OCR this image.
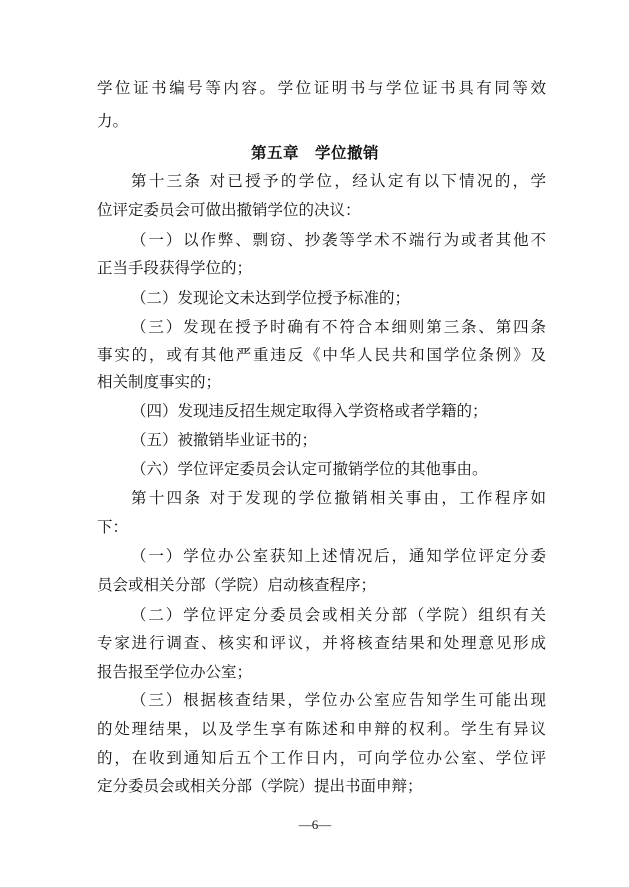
学位证书编号等内容。学位证明书与学位证书具有同等效
力。
第五章　学位撤销
第十三条 对已授予的学位，经认定有以下情况的，学
位评定委员会可做出撤销学位的决议：
（一）以作弊、剽窃、抄袭等学术不端行为或者其他不
正当手段获得学位的；
（二）发现论文未达到学位授予标准的；
（三）发现在授予时确有不符合本细则第三条、第四条
事实的，或有其他严重违反《中华人民共和国学位条例》及
相关制度事实的；
（四）发现违反招生规定取得入学资格或者学籍的；
（五）被撤销毕业证书的；
（六）学位评定委员会认定可撤销学位的其他事由。
第十四条 对于发现的学位撤销相关事由，工作程序如
下：
（一）学位办公室获知上述情况后，通知学位评定分委
员会或相关分部（学院）启动核查程序；
（二）学位评定分委员会或相关分部（学院）组织有关
专家进行调查、核实和评议，并将核查结果和处理意见形成
报告报至学位办公室；
（三）根据核查结果，学位办公室应告知学生可能出现
的处理结果，以及学生享有陈述和申辩的权利。学生有异议
的，在收到通知后五个工作日内，可向学位办公室、学位评
定分委员会或相关分部（学院）提出书面申辩；
—6—
